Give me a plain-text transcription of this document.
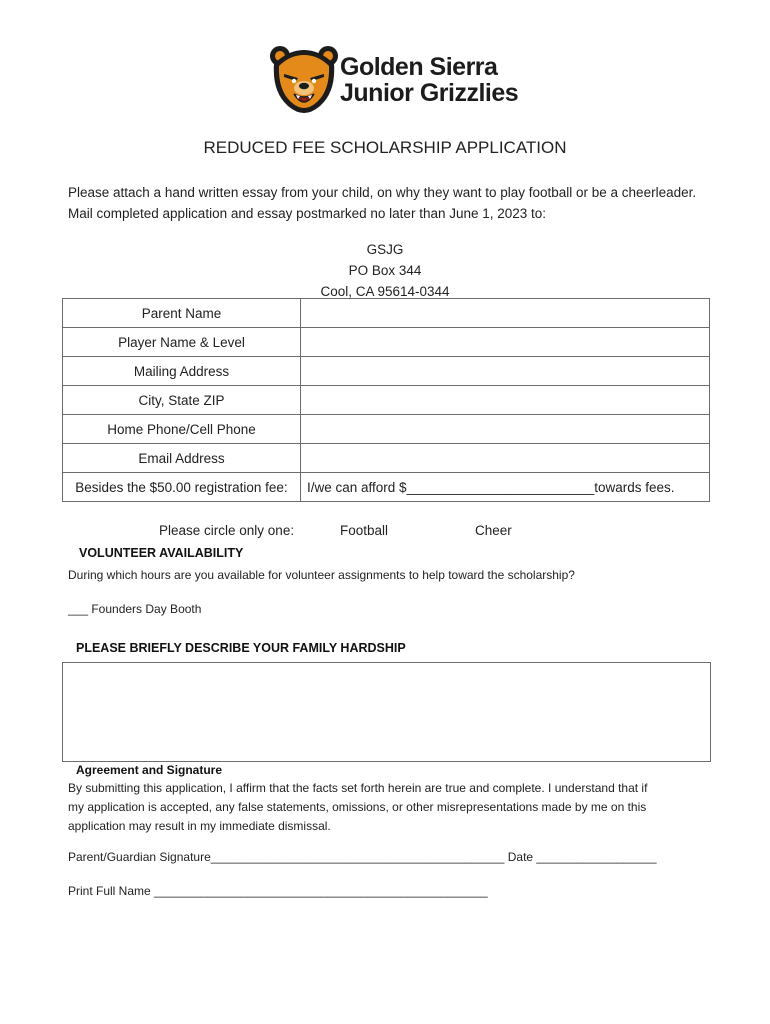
Golden Sierra
Junior Grizzlies
REDUCED FEE SCHOLARSHIP APPLICATION
Please attach a hand written essay from your child, on why they want to play football or be a cheerleader.
Mail completed application and essay postmarked no later than June 1, 2023 to:
GSJG
PO Box 344
Cool, CA 95614-0344
Parent Name	
Player Name & Level	
Mailing Address	
City, State ZIP	
Home Phone/Cell Phone	
Email Address	
Besides the $50.00 registration fee:	I/we can afford $_________________________towards fees.
Please circle only one:	Football	Cheer
VOLUNTEER AVAILABILITY
During which hours are you available for volunteer assignments to help toward the scholarship?
___ Founders Day Booth
PLEASE BRIEFLY DESCRIBE YOUR FAMILY HARDSHIP
Agreement and Signature
By submitting this application, I affirm that the facts set forth herein are true and complete. I understand that if
my application is accepted, any false statements, omissions, or other misrepresentations made by me on this
application may result in my immediate dismissal.
Parent/Guardian Signature____________________________________________ Date __________________
Print Full Name __________________________________________________
